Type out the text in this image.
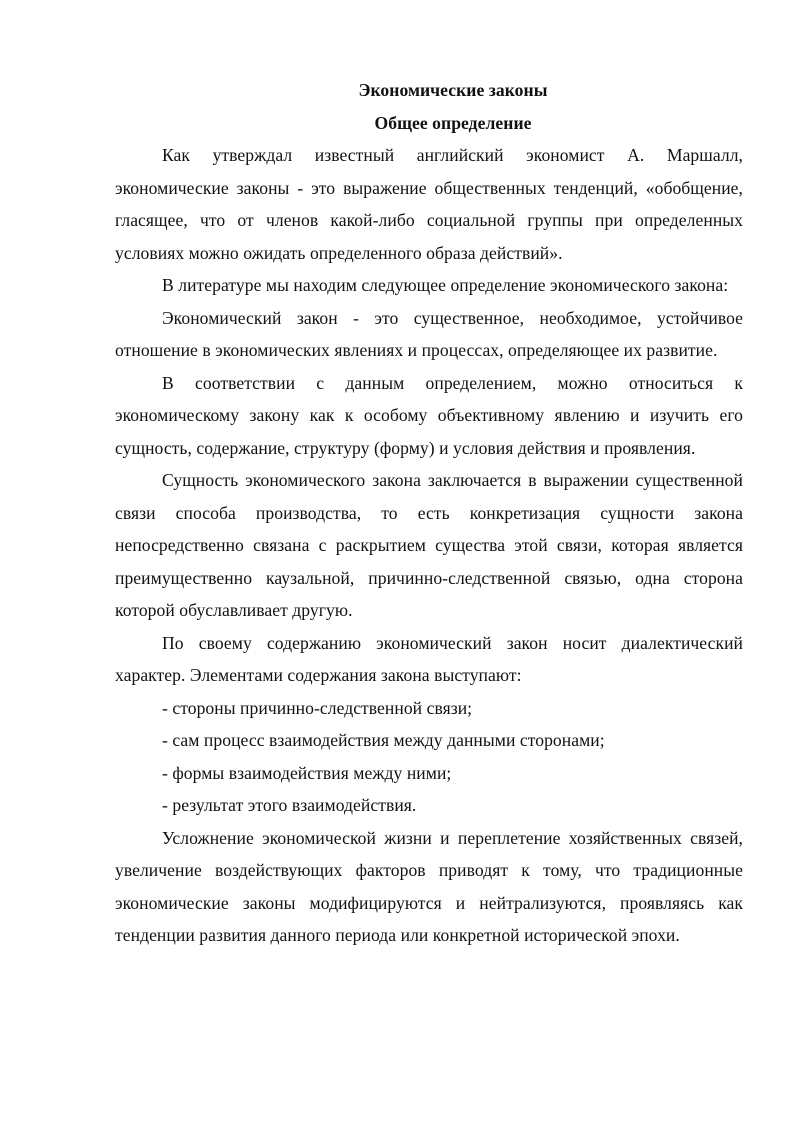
Экономические законы

Общее определение

Как утверждал известный английский экономист А. Маршалл, экономические законы - это выражение общественных тенденций, «обобщение, гласящее, что от членов какой-либо социальной группы при определенных условиях можно ожидать определенного образа действий».

В литературе мы находим следующее определение экономического закона:

Экономический закон - это существенное, необходимое, устойчивое отношение в экономических явлениях и процессах, определяющее их развитие.

В соответствии с данным определением, можно относиться к экономическому закону как к особому объективному явлению и изучить его сущность, содержание, структуру (форму) и условия действия и проявления.

Сущность экономического закона заключается в выражении существенной связи способа производства, то есть конкретизация сущности закона непосредственно связана с раскрытием существа этой связи, которая является преимущественно каузальной, причинно-следственной связью, одна сторона которой обуславливает другую.

По своему содержанию экономический закон носит диалектический характер. Элементами содержания закона выступают:

- стороны причинно-следственной связи;

- сам процесс взаимодействия между данными сторонами;

- формы взаимодействия между ними;

- результат этого взаимодействия.

Усложнение экономической жизни и переплетение хозяйственных связей, увеличение воздействующих факторов приводят к тому, что традиционные экономические законы модифицируются и нейтрализуются, проявляясь как тенденции развития данного периода или конкретной исторической эпохи.
